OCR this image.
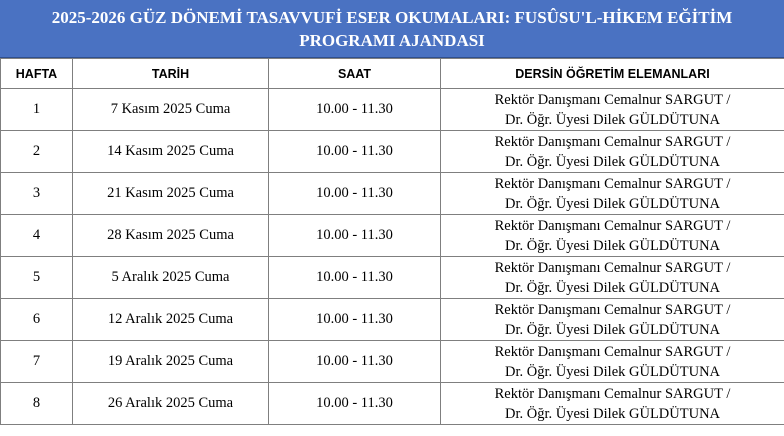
2025-2026 GÜZ DÖNEMİ TASAVVUFİ ESER OKUMALARI: FUSÛSU'L-HİKEM EĞİTİM
PROGRAMI AJANDASI
HAFTA	TARİH	SAAT	DERSİN ÖĞRETİM ELEMANLARI
1	7 Kasım 2025 Cuma	10.00 - 11.30	Rektör Danışmanı Cemalnur SARGUT /
Dr. Öğr. Üyesi Dilek GÜLDÜTUNA

2	14 Kasım 2025 Cuma	10.00 - 11.30	Rektör Danışmanı Cemalnur SARGUT /
Dr. Öğr. Üyesi Dilek GÜLDÜTUNA

3	21 Kasım 2025 Cuma	10.00 - 11.30	Rektör Danışmanı Cemalnur SARGUT /
Dr. Öğr. Üyesi Dilek GÜLDÜTUNA

4	28 Kasım 2025 Cuma	10.00 - 11.30	Rektör Danışmanı Cemalnur SARGUT /
Dr. Öğr. Üyesi Dilek GÜLDÜTUNA

5	5 Aralık 2025 Cuma	10.00 - 11.30	Rektör Danışmanı Cemalnur SARGUT /
Dr. Öğr. Üyesi Dilek GÜLDÜTUNA

6	12 Aralık 2025 Cuma	10.00 - 11.30	Rektör Danışmanı Cemalnur SARGUT /
Dr. Öğr. Üyesi Dilek GÜLDÜTUNA

7	19 Aralık 2025 Cuma	10.00 - 11.30	Rektör Danışmanı Cemalnur SARGUT /
Dr. Öğr. Üyesi Dilek GÜLDÜTUNA

8	26 Aralık 2025 Cuma	10.00 - 11.30	Rektör Danışmanı Cemalnur SARGUT /
Dr. Öğr. Üyesi Dilek GÜLDÜTUNA
